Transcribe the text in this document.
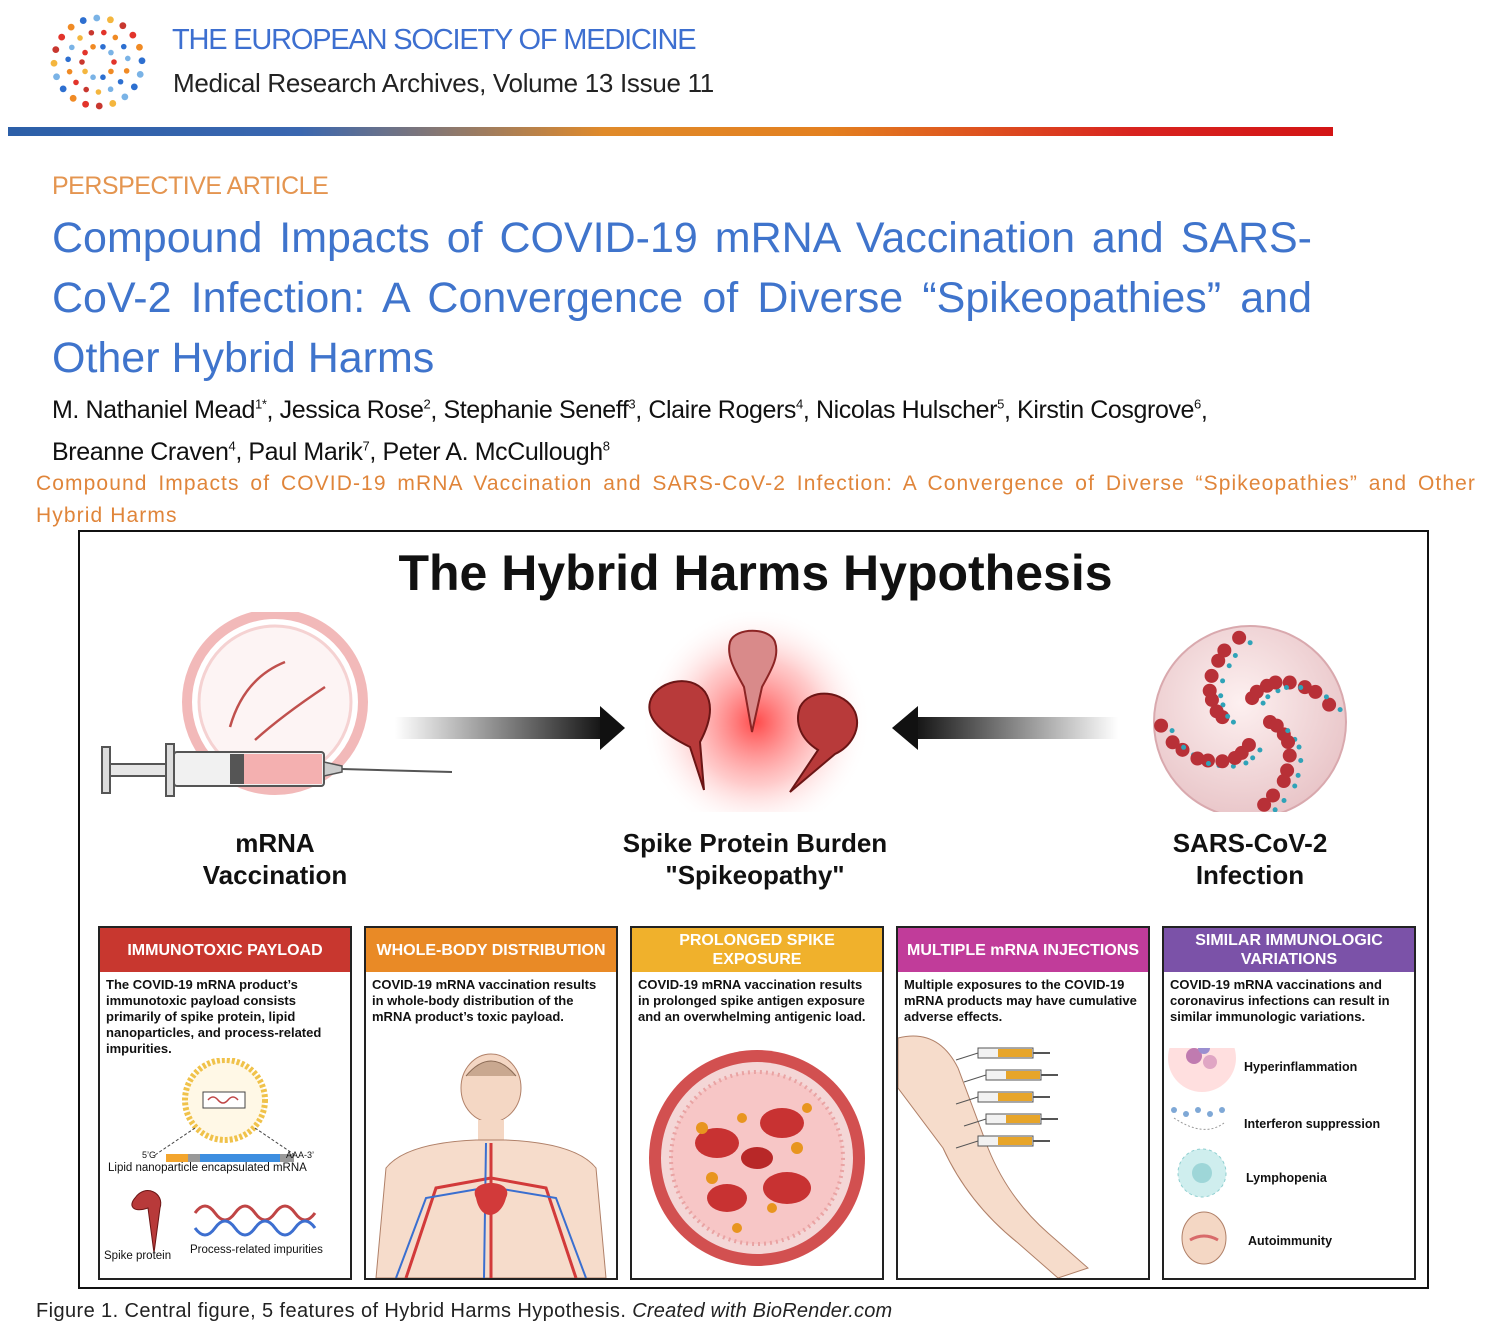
THE EUROPEAN SOCIETY OF MEDICINE
Medical Research Archives, Volume 13 Issue 11
PERSPECTIVE ARTICLE
Compound Impacts of COVID-19 mRNA Vaccination and SARS-CoV-2 Infection: A Convergence of Diverse “Spikeopathies” and Other Hybrid Harms
M. Nathaniel Mead$^{1*}$, Jessica Rose$^2$, Stephanie Seneff$^3$, Claire Rogers$^4$, Nicolas Hulscher$^5$, Kirstin Cosgrove$^6$,
Breanne Craven$^4$, Paul Marik$^7$, Peter A. McCullough$^8$
Compound Impacts of COVID-19 mRNA Vaccination and SARS-CoV-2 Infection: A Convergence of Diverse “Spikeopathies” and Other Hybrid Harms
The Hybrid Harms Hypothesis
mRNA Vaccination
Spike Protein Burden
"Spikeopathy"
SARS-CoV-2
Infection
IMMUNOTOXIC PAYLOAD
The COVID-19 mRNA product’s immunotoxic payload consists primarily of spike protein, lipid nanoparticles, and process-related impurities.
5’G	AAA-3’
Lipid nanoparticle encapsulated mRNA
Spike protein Process-related impurities
WHOLE-BODY DISTRIBUTION
COVID-19 mRNA vaccination results in whole-body distribution of the mRNA product’s toxic payload.
PROLONGED SPIKE EXPOSURE
COVID-19 mRNA vaccination results in prolonged spike antigen exposure and an overwhelming antigenic load.
MULTIPLE mRNA INJECTIONS
Multiple exposures to the COVID-19 mRNA products may have cumulative adverse effects.
SIMILAR IMMUNOLOGIC VARIATIONS
COVID-19 mRNA vaccinations and coronavirus infections can result in similar immunologic variations.
Hyperinflammation
Interferon suppression
Lymphopenia
Autoimmunity
Figure 1. Central figure, 5 features of Hybrid Harms Hypothesis. Created with BioRender.com
